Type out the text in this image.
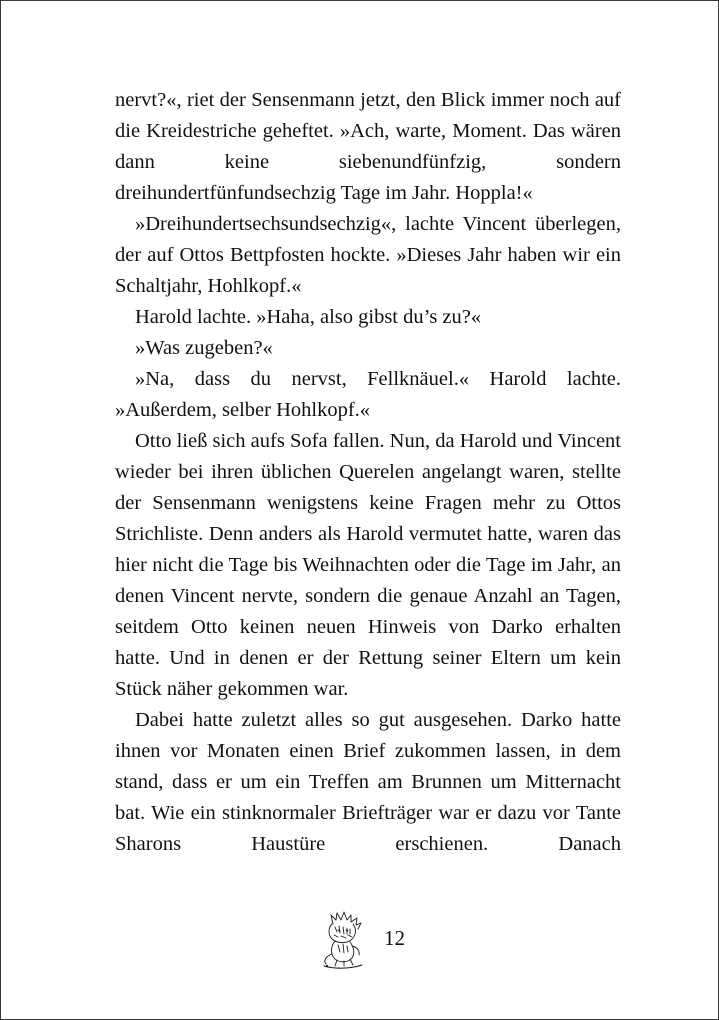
nervt?«, riet der Sensenmann jetzt, den Blick immer noch auf die Kreidestriche geheftet. »Ach, warte, Moment. Das wären dann keine siebenundfünfzig, sondern dreihundertfünfundsechzig Tage im Jahr. Hoppla!«

»Dreihundertsechsundsechzig«, lachte Vincent überlegen, der auf Ottos Bettpfosten hockte. »Dieses Jahr haben wir ein Schaltjahr, Hohlkopf.«

Harold lachte. »Haha, also gibst du’s zu?«

»Was zugeben?«

»Na, dass du nervst, Fellknäuel.« Harold lachte. »Außerdem, selber Hohlkopf.«

Otto ließ sich aufs Sofa fallen. Nun, da Harold und Vincent wieder bei ihren üblichen Querelen angelangt waren, stellte der Sensenmann wenigstens keine Fragen mehr zu Ottos Strichliste. Denn anders als Harold vermutet hatte, waren das hier nicht die Tage bis Weihnachten oder die Tage im Jahr, an denen Vincent nervte, sondern die genaue Anzahl an Tagen, seitdem Otto keinen neuen Hinweis von Darko erhalten hatte. Und in denen er der Rettung seiner Eltern um kein Stück näher gekommen war.

Dabei hatte zuletzt alles so gut ausgesehen. Darko hatte ihnen vor Monaten einen Brief zukommen lassen, in dem stand, dass er um ein Treffen am Brunnen um Mitternacht bat. Wie ein stinknormaler Briefträger war er dazu vor Tante Sharons Haustüre erschienen. Danach

12
